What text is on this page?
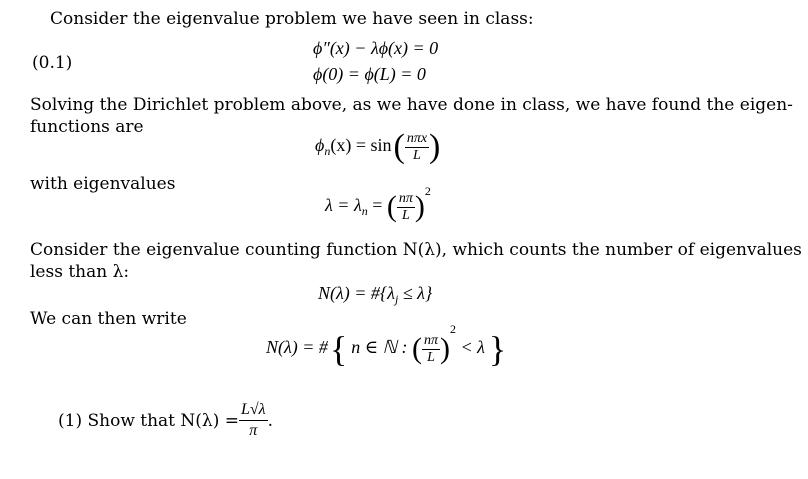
Consider the eigenvalue problem we have seen in class:
(0.1)
ϕ″(x) − λϕ(x) = 0
ϕ(0) = ϕ(L) = 0
Solving the Dirichlet problem above, as we have done in class, we have found the eigen-
functions are
$\phi_n(x) = \sin( \frac{\text{nπx}}{L}$ )
with eigenvalues
$\lambda = \lambda_n$ = ( $\frac{n\pi}{L} )^2$
Consider the eigenvalue counting function N(λ), which counts the number of eigenvalues
less than λ:
$N(\lambda) = \#\{\lambda_j \le \lambda\}$
We can then write
N(λ) = #{ n ∈ ℕ : ( $\frac{n\pi}{L} )^2 < \lambda$ }
(1) Show that $N(\lambda) = \frac{L√\lambda}{\pi}$ .
